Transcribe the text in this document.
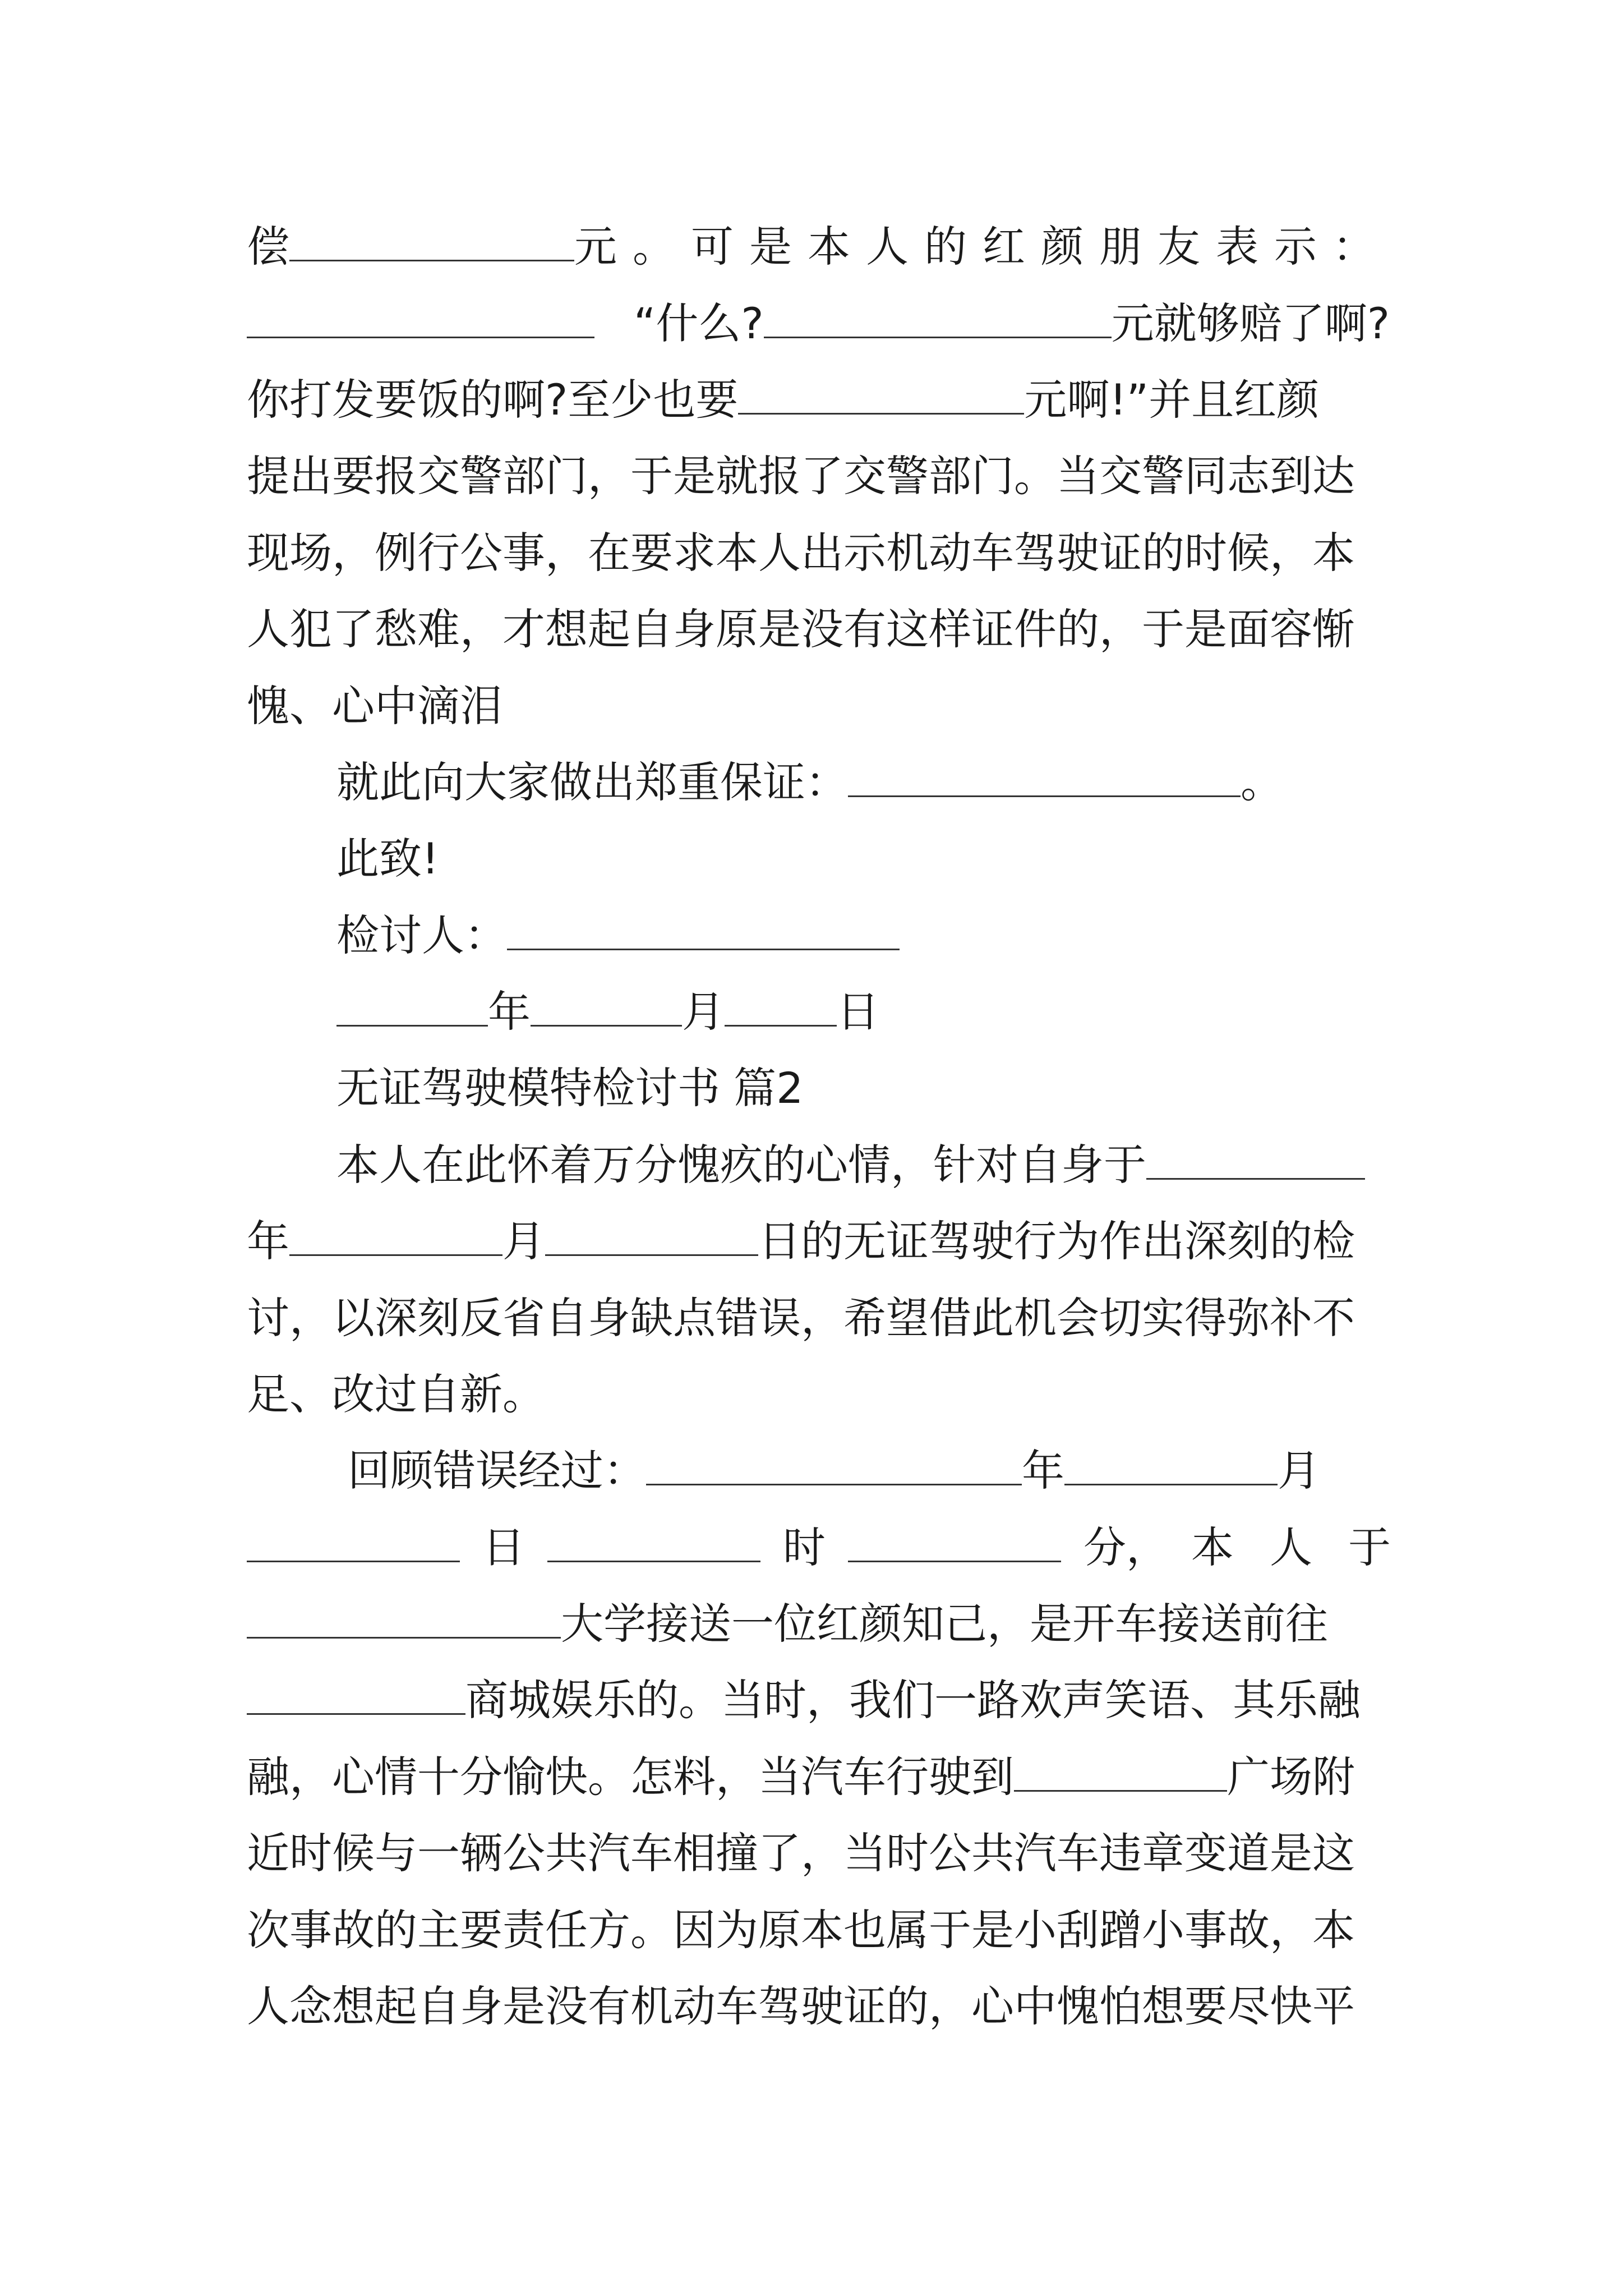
偿	元。可是本人的红颜朋友表示：
“什么?	元就够赔了啊?
你打发要饭的啊?至少也要	元啊!”并且红颜
提出要报交警部门，于是就报了交警部门。当交警同志到达
现场，例行公事，在要求本人出示机动车驾驶证的时候，本
人犯了愁难，才想起自身原是没有这样证件的，于是面容惭
愧、心中滴泪
就此向大家做出郑重保证：	。
此致!
检讨人：
年	月	日
无证驾驶模特检讨书 篇2
本人在此怀着万分愧疚的心情，针对自身于
年	月	日的无证驾驶行为作出深刻的检
讨，以深刻反省自身缺点错误，希望借此机会切实得弥补不
足、改过自新。
回顾错误经过：	年	月
日	时	分， 本人于
大学接送一位红颜知己，是开车接送前往
商城娱乐的。当时，我们一路欢声笑语、其乐融
融，心情十分愉快。怎料，当汽车行驶到	广场附
近时候与一辆公共汽车相撞了，当时公共汽车违章变道是这
次事故的主要责任方。因为原本也属于是小刮蹭小事故，本
人念想起自身是没有机动车驾驶证的，心中愧怕想要尽快平
